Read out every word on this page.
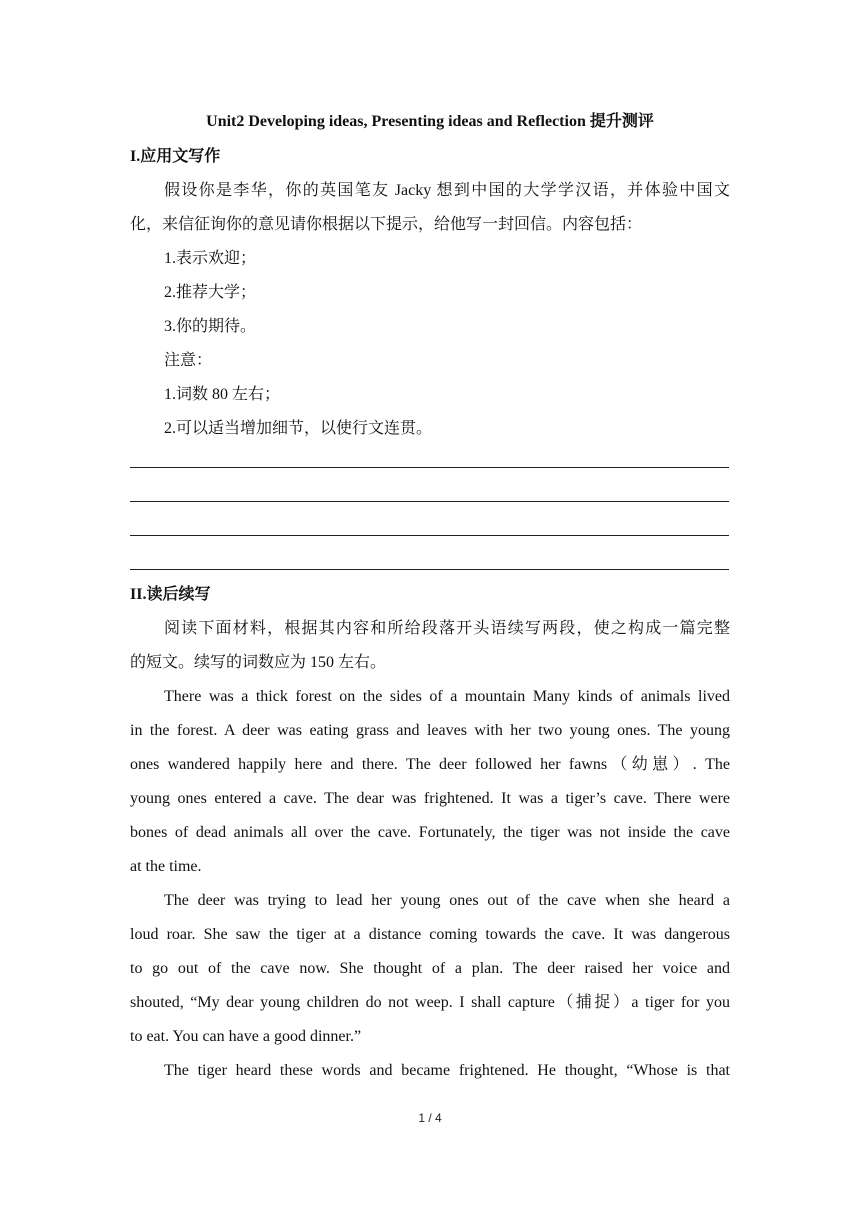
Unit2 Developing ideas, Presenting ideas and Reflection 提升测评
I.应用文写作
假设你是李华，你的英国笔友 Jacky 想到中国的大学学汉语，并体验中国文
化，来信征询你的意见请你根据以下提示，给他写一封回信。内容包括：
1.表示欢迎；
2.推荐大学；
3.你的期待。
注意：
1.词数 80 左右；
2.可以适当增加细节，以使行文连贯。
II.读后续写
阅读下面材料，根据其内容和所给段落开头语续写两段，使之构成一篇完整
的短文。续写的词数应为 150 左右。
There was a thick forest on the sides of a mountain Many kinds of animals lived
in the forest. A deer was eating grass and leaves with her two young ones. The young
ones wandered happily here and there. The deer followed her fawns（幼崽）. The
young ones entered a cave. The dear was frightened. It was a tiger’s cave. There were
bones of dead animals all over the cave. Fortunately, the tiger was not inside the cave
at the time.
The deer was trying to lead her young ones out of the cave when she heard a
loud roar. She saw the tiger at a distance coming towards the cave. It was dangerous
to go out of the cave now. She thought of a plan. The deer raised her voice and
shouted, “My dear young children do not weep. I shall capture（捕捉）a tiger for you
to eat. You can have a good dinner.”
The tiger heard these words and became frightened. He thought, “Whose is that
1 / 4
